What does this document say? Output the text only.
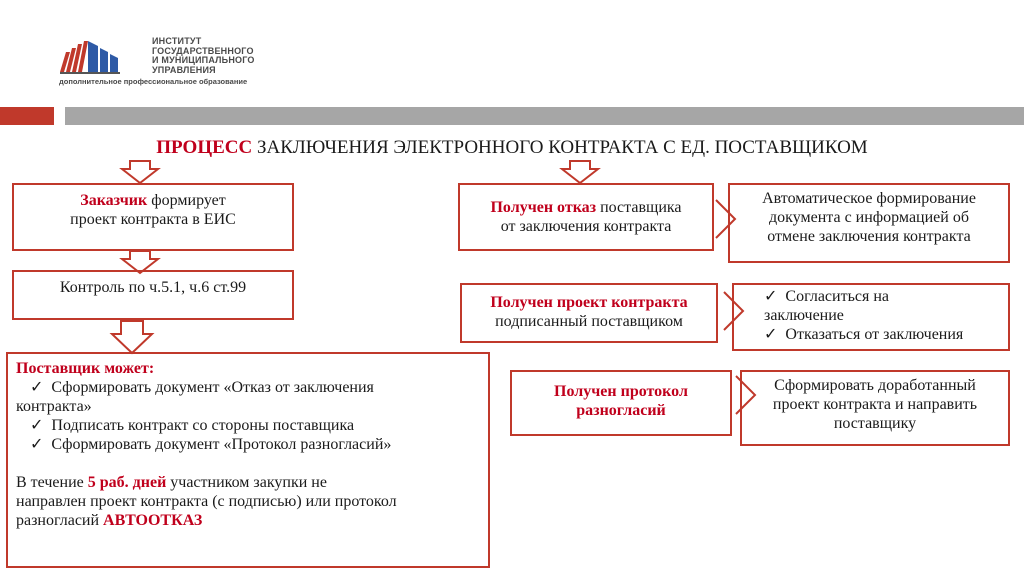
ИНСТИТУТ
ГОСУДАРСТВЕННОГО
И МУНИЦИПАЛЬНОГО
УПРАВЛЕНИЯ
дополнительное профессиональное образование
ПРОЦЕСС ЗАКЛЮЧЕНИЯ ЭЛЕКТРОННОГО КОНТРАКТА С ЕД. ПОСТАВЩИКОМ
Заказчик формирует
проект контракта в ЕИС
Контроль по ч.5.1, ч.6 ст.99
Поставщик может:
✓ Сформировать документ «Отказ от заключения
контракта»
✓ Подписать контракт со стороны поставщика
✓ Сформировать документ «Протокол разногласий»
В течение 5 раб. дней участником закупки не
направлен проект контракта (с подписью) или протокол
разногласий АВТООТКАЗ
Получен отказ поставщика
от заключения контракта
Автоматическое формирование
документа с информацией об
отмене заключения контракта
Получен проект контракта
подписанный поставщиком
✓ Согласиться на
заключение
✓ Отказаться от заключения
Получен протокол
разногласий
Сформировать доработанный
проект контракта и направить
поставщику
